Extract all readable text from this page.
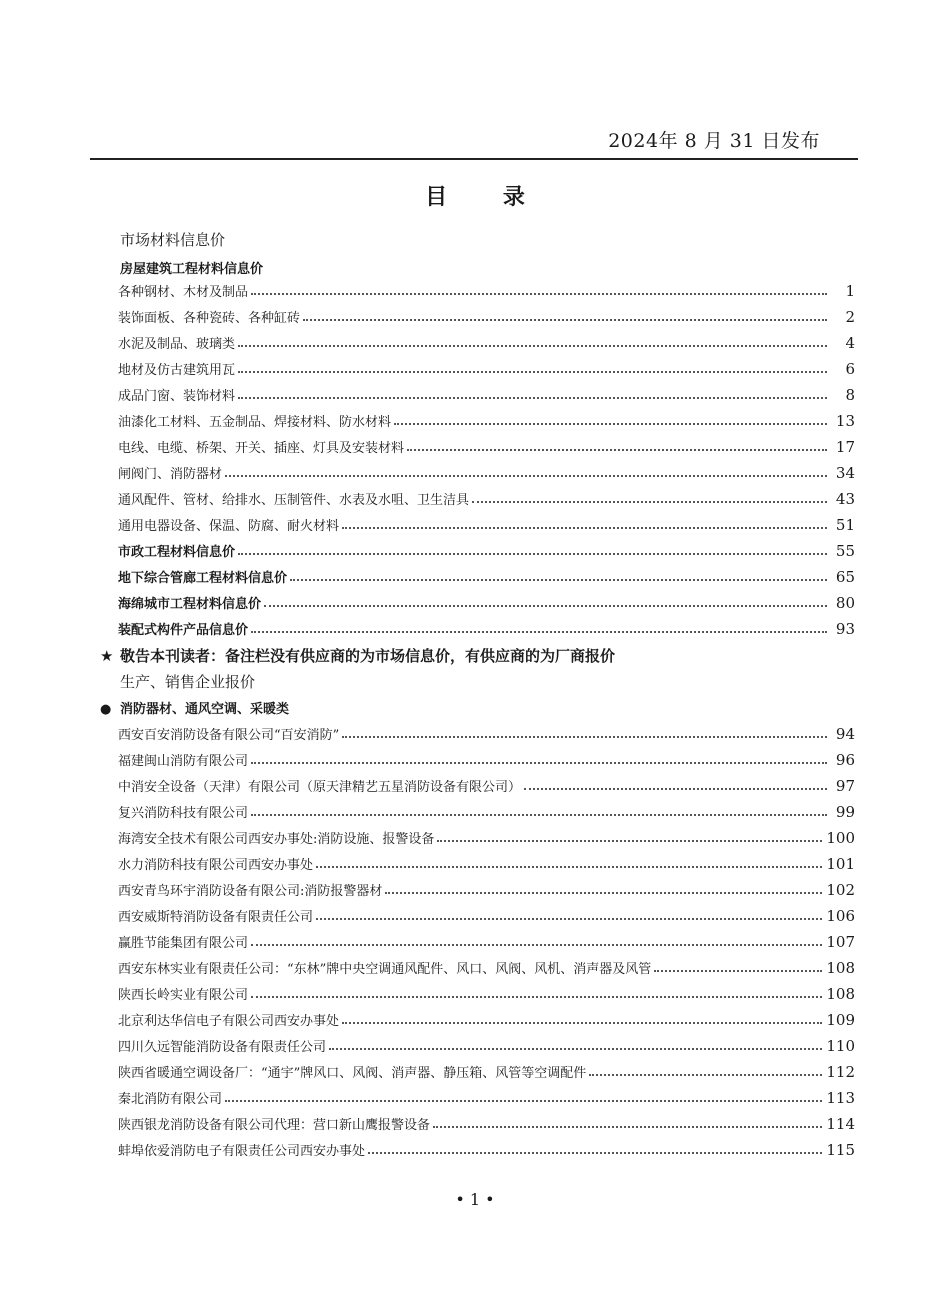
2024年 8 月 31 日发布
目 录
市场材料信息价
房屋建筑工程材料信息价
各种钢材、木材及制品	1
装饰面板、各种瓷砖、各种缸砖	2
水泥及制品、玻璃类	4
地材及仿古建筑用瓦	6
成品门窗、装饰材料	8
油漆化工材料、五金制品、焊接材料、防水材料	13
电线、电缆、桥架、开关、插座、灯具及安装材料	17
闸阀门、消防器材	34
通风配件、管材、给排水、压制管件、水表及水咀、卫生洁具	43
通用电器设备、保温、防腐、耐火材料	51
市政工程材料信息价	55
地下综合管廊工程材料信息价	65
海绵城市工程材料信息价	80
装配式构件产品信息价	93
★ 敬告本刊读者：备注栏没有供应商的为市场信息价，有供应商的为厂商报价
生产、销售企业报价
● 消防器材、通风空调、采暖类
西安百安消防设备有限公司“百安消防”	94
福建闽山消防有限公司	96
中消安全设备（天津）有限公司（原天津精艺五星消防设备有限公司）	97
复兴消防科技有限公司	99
海湾安全技术有限公司西安办事处:消防设施、报警设备	100
水力消防科技有限公司西安办事处	101
西安青鸟环宇消防设备有限公司:消防报警器材	102
西安威斯特消防设备有限责任公司	106
赢胜节能集团有限公司	107
西安东林实业有限责任公司：“东林”牌中央空调通风配件、风口、风阀、风机、消声器及风管	108
陕西长岭实业有限公司	108
北京利达华信电子有限公司西安办事处	109
四川久远智能消防设备有限责任公司	110
陕西省暖通空调设备厂：“通宇”牌风口、风阀、消声器、静压箱、风管等空调配件	112
秦北消防有限公司	113
陕西银龙消防设备有限公司代理：营口新山鹰报警设备	114
蚌埠依爱消防电子有限责任公司西安办事处	115
• 1 •
